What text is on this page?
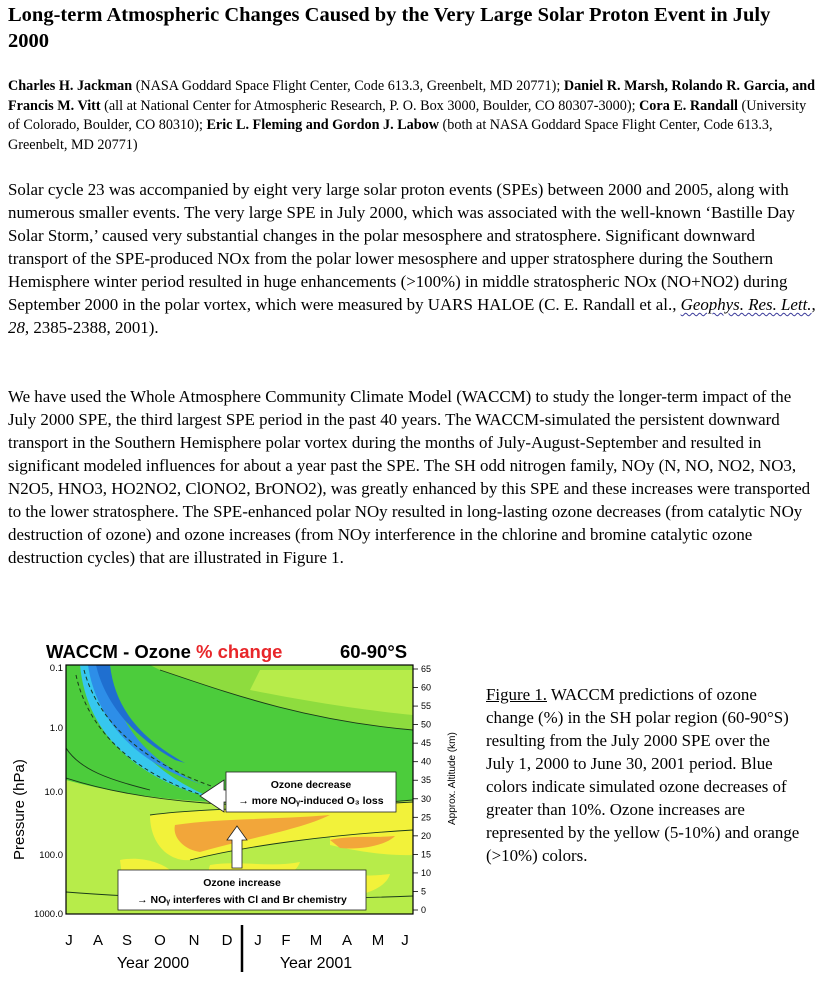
Long-term Atmospheric Changes Caused by the Very Large Solar Proton Event in July 2000

Charles H. Jackman (NASA Goddard Space Flight Center, Code 613.3, Greenbelt, MD 20771); Daniel R. Marsh, Rolando R. Garcia, and Francis M. Vitt (all at National Center for Atmospheric Research, P. O. Box 3000, Boulder, CO 80307-3000); Cora E. Randall (University of Colorado, Boulder, CO 80310); Eric L. Fleming and Gordon J. Labow (both at NASA Goddard Space Flight Center, Code 613.3, Greenbelt, MD 20771)

Solar cycle 23 was accompanied by eight very large solar proton events (SPEs) between 2000 and 2005, along with numerous smaller events. The very large SPE in July 2000, which was associated with the well-known ‘Bastille Day Solar Storm,’ caused very substantial changes in the polar mesosphere and stratosphere. Significant downward transport of the SPE-produced NOx from the polar lower mesosphere and upper stratosphere during the Southern Hemisphere winter period resulted in huge enhancements (>100%) in middle stratospheric NOx (NO+NO2) during September 2000 in the polar vortex, which were measured by UARS HALOE (C. E. Randall et al., Geophys. Res. Lett., 28, 2385-2388, 2001).

We have used the Whole Atmosphere Community Climate Model (WACCM) to study the longer-term impact of the July 2000 SPE, the third largest SPE period in the past 40 years. The WACCM-simulated the persistent downward transport in the Southern Hemisphere polar vortex during the months of July-August-September and resulted in significant modeled influences for about a year past the SPE. The SH odd nitrogen family, NOy (N, NO, NO2, NO3, N2O5, HNO3, HO2NO2, ClONO2, BrONO2), was greatly enhanced by this SPE and these increases were transported to the lower stratosphere. The SPE-enhanced polar NOy resulted in long-lasting ozone decreases (from catalytic NOy destruction of ozone) and ozone increases (from NOy interference in the chlorine and bromine catalytic ozone destruction cycles) that are illustrated in Figure 1.

WACCM - Ozone % change	60-90°S
Ozone decrease
→ more NOᵧ-induced O₃ loss
Ozone increase
→ NOᵧ interferes with Cl and Br chemistry
0.1
1.0
10.0
100.0
1000.0
Pressure (hPa)
65
60
55
50
45
40
35
30
25
20
15
10
5
0
Approx. Altitude (km)
J A S O N D J F M A M J
Year 2000	Year 2001

Figure 1. WACCM predictions of ozone change (%) in the SH polar region (60-90°S) resulting from the July 2000 SPE over the July 1, 2000 to June 30, 2001 period. Blue colors indicate simulated ozone decreases of greater than 10%. Ozone increases are represented by the yellow (5-10%) and orange (>10%) colors.
